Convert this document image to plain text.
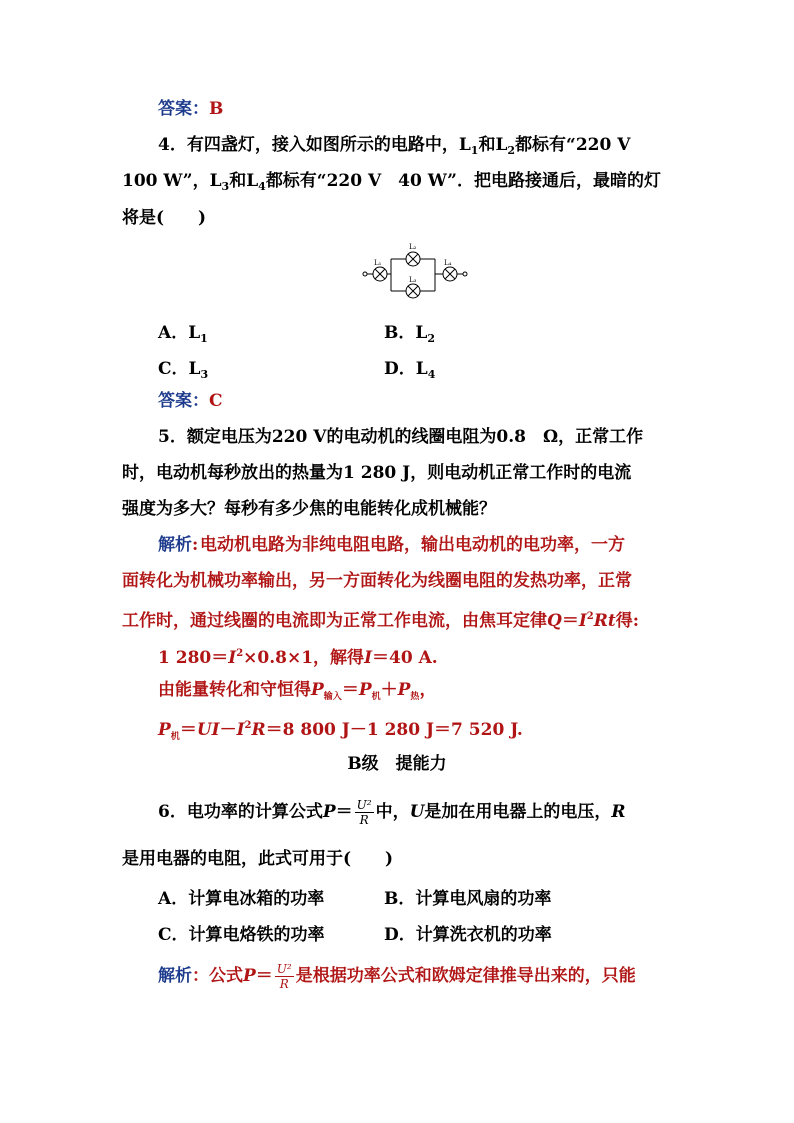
答案：B
4．有四盏灯，接入如图所示的电路中，$L_1$和$L_2$都标有“220 V
100 W”，$L_3$和$L_4$都标有“220 V　40 W”．把电路接通后，最暗的灯
将是(　　)
L₁
L₂
L₃
L₄
A．$L_1$	B．$L_2$
C．$L_3$	D．$L_4$
答案：C
5．额定电压为220 V的电动机的线圈电阻为0.8　Ω，正常工作
时，电动机每秒放出的热量为1 280 J，则电动机正常工作时的电流
强度为多大？每秒有多少焦的电能转化成机械能？
解析:  电动机电路为非纯电阻电路，输出电动机的电功率，一方
面转化为机械功率输出，另一方面转化为线圈电阻的发热功率，正常
工作时，通过线圈的电流即为正常工作电流，由焦耳定律$Q=I^2Rt$得:
1 $280=I^2\times 0.8\times 1$，解得I＝40 A.
由能量转化和守恒得$P_{输入}=P_机+P_热$，
$P_机=UI-I^2R=8$ 800 J－1 280 J＝7 520 J.
B级　提能力
6．电功率的计算公式$P= \frac{\text{U²}}{R}$ 中，U是加在用电器上的电压，R
是用电器的电阻，此式可用于(　　)
A．计算电冰箱的功率	B．计算电风扇的功率
C．计算电烙铁的功率	D．计算洗衣机的功率
解析：公式$P= \frac{\text{U²}}{R}$ 是根据功率公式和欧姆定律推导出来的，只能
